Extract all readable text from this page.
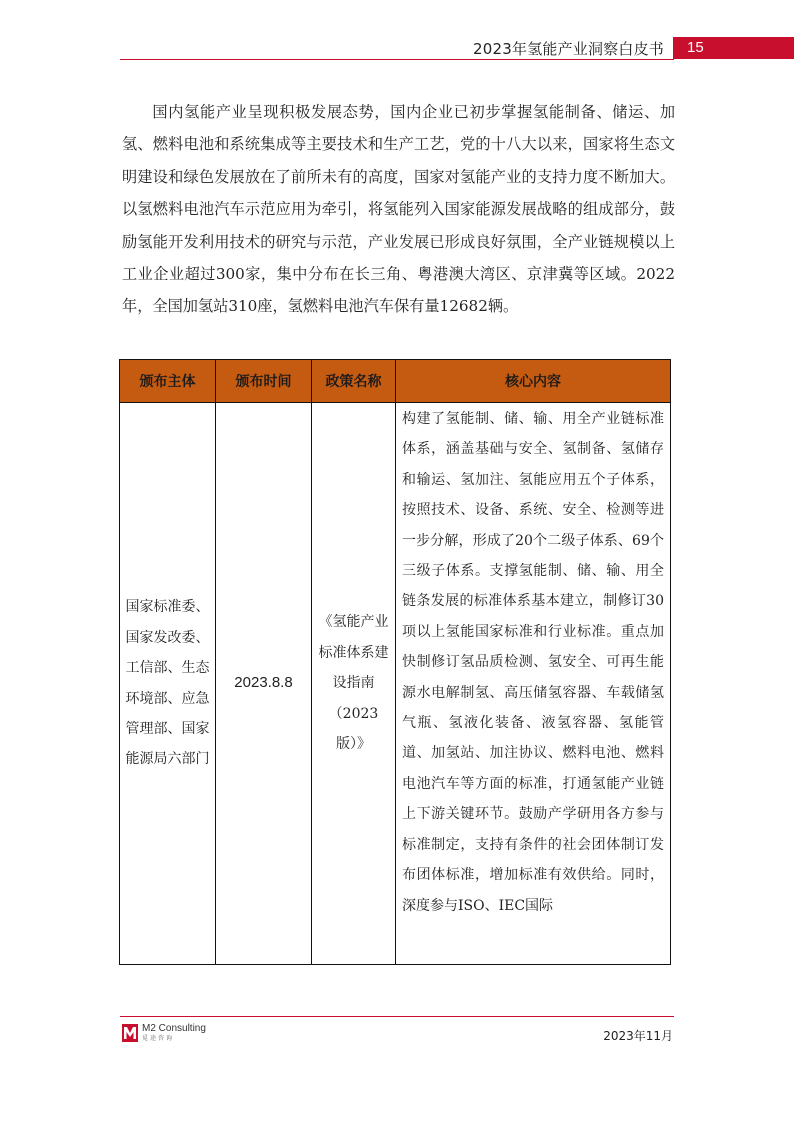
2023年氢能产业洞察白皮书	15

国内氢能产业呈现积极发展态势，国内企业已初步掌握氢能制备、储运、加氢、燃料电池和系统集成等主要技术和生产工艺，党的十八大以来，国家将生态文明建设和绿色发展放在了前所未有的高度，国家对氢能产业的支持力度不断加大。以氢燃料电池汽车示范应用为牵引，将氢能列入国家能源发展战略的组成部分，鼓励氢能开发利用技术的研究与示范，产业发展已形成良好氛围，全产业链规模以上工业企业超过300家，集中分布在长三角、粤港澳大湾区、京津冀等区域。2022年，全国加氢站310座，氢燃料电池汽车保有量12682辆。

颁布主体	颁布时间	政策名称	核心内容
国家标准委、国家发改委、工信部、生态环境部、应急管理部、国家能源局六部门	2023.8.8	《氢能产业标准体系建设指南（2023版）》	构建了氢能制、储、输、用全产业链标准体系，涵盖基础与安全、氢制备、氢储存和输运、氢加注、氢能应用五个子体系，按照技术、设备、系统、安全、检测等进一步分解，形成了20个二级子体系、69个三级子体系。支撑氢能制、储、输、用全链条发展的标准体系基本建立，制修订30项以上氢能国家标准和行业标准。重点加快制修订氢品质检测、氢安全、可再生能源水电解制氢、高压储氢容器、车载储氢气瓶、氢液化装备、液氢容器、氢能管道、加氢站、加注协议、燃料电池、燃料电池汽车等方面的标准，打通氢能产业链上下游关键环节。鼓励产学研用各方参与标准制定，支持有条件的社会团体制订发布团体标准，增加标准有效供给。同时，深度参与ISO、IEC国际
M2 Consulting
觅途咨询	2023年11月
